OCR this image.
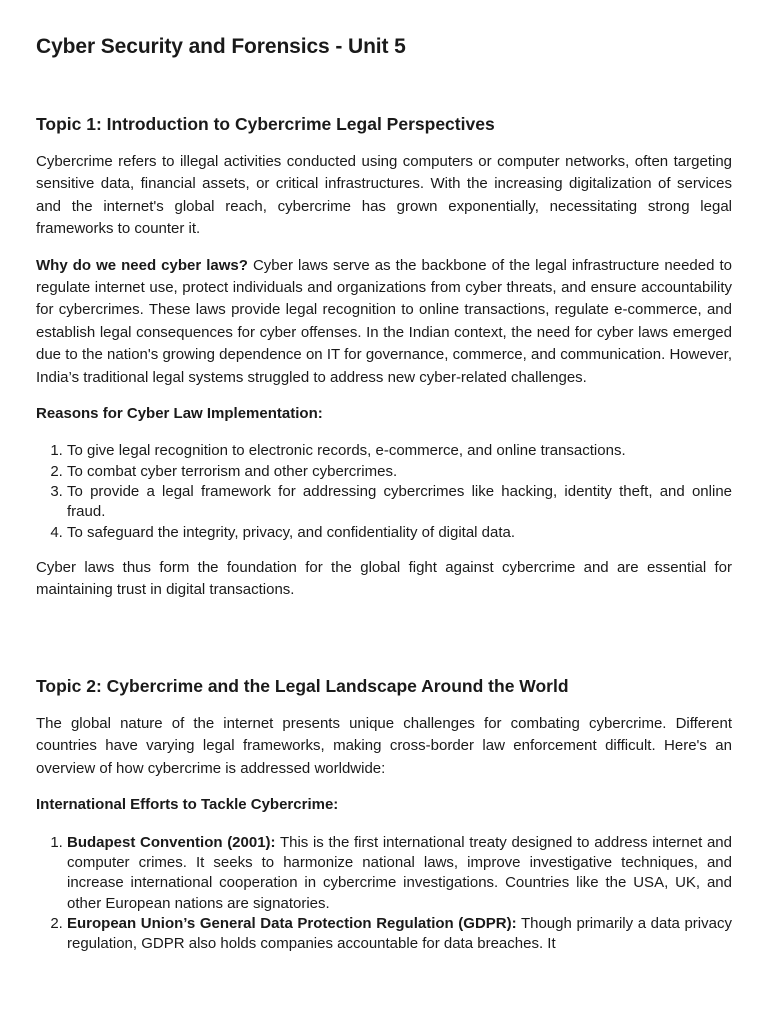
Cyber Security and Forensics - Unit 5
Topic 1: Introduction to Cybercrime Legal Perspectives

Cybercrime refers to illegal activities conducted using computers or computer networks, often targeting sensitive data, financial assets, or critical infrastructures. With the increasing digitalization of services and the internet's global reach, cybercrime has grown exponentially, necessitating strong legal frameworks to counter it.

Why do we need cyber laws? Cyber laws serve as the backbone of the legal infrastructure needed to regulate internet use, protect individuals and organizations from cyber threats, and ensure accountability for cybercrimes. These laws provide legal recognition to online transactions, regulate e-commerce, and establish legal consequences for cyber offenses. In the Indian context, the need for cyber laws emerged due to the nation's growing dependence on IT for governance, commerce, and communication. However, India’s traditional legal systems struggled to address new cyber-related challenges.

Reasons for Cyber Law Implementation:

1. To give legal recognition to electronic records, e-commerce, and online transactions.
2. To combat cyber terrorism and other cybercrimes.
3. To provide a legal framework for addressing cybercrimes like hacking, identity theft, and online fraud.
4. To safeguard the integrity, privacy, and confidentiality of digital data.

Cyber laws thus form the foundation for the global fight against cybercrime and are essential for maintaining trust in digital transactions.

Topic 2: Cybercrime and the Legal Landscape Around the World

The global nature of the internet presents unique challenges for combating cybercrime. Different countries have varying legal frameworks, making cross-border law enforcement difficult. Here's an overview of how cybercrime is addressed worldwide:

International Efforts to Tackle Cybercrime:

1. Budapest Convention (2001): This is the first international treaty designed to address internet and computer crimes. It seeks to harmonize national laws, improve investigative techniques, and increase international cooperation in cybercrime investigations. Countries like the USA, UK, and other European nations are signatories.
2. European Union’s General Data Protection Regulation (GDPR): Though primarily a data privacy regulation, GDPR also holds companies accountable for data breaches. It
